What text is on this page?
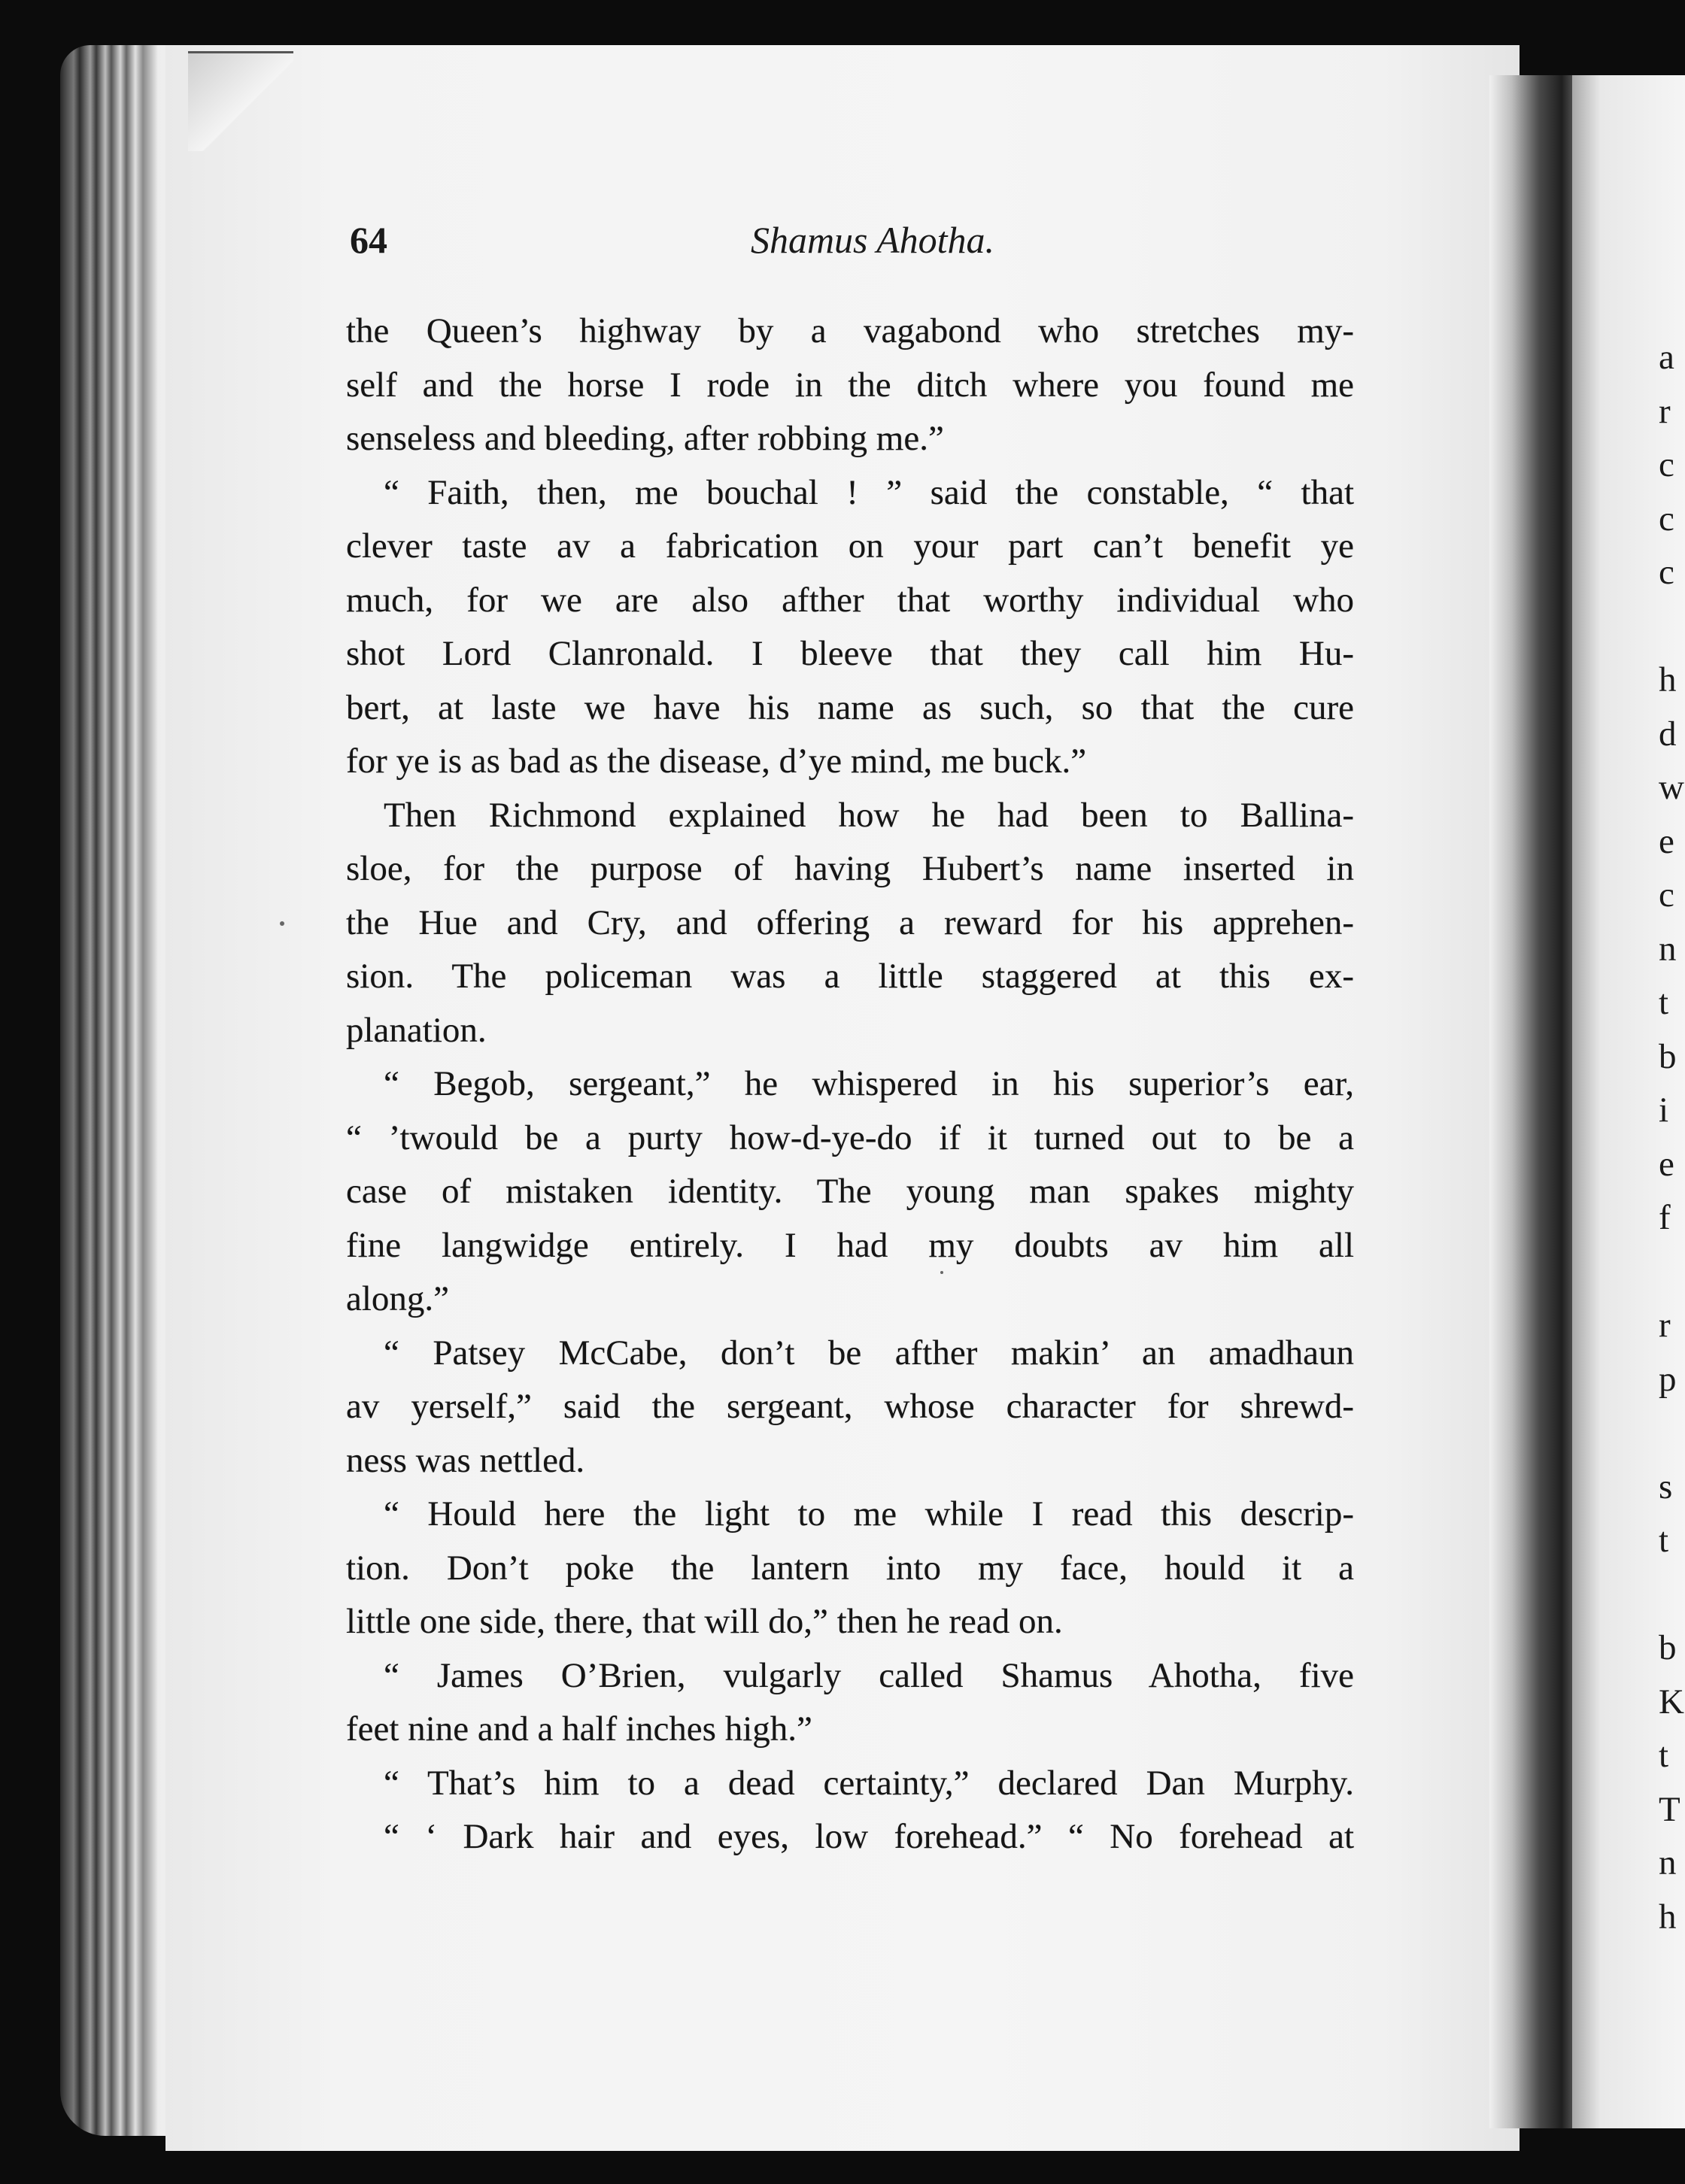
64	Shamus Ahotha.
the Queen’s highway by a vagabond who stretches my-
self and the horse I rode in the ditch where you found me
senseless and bleeding, after robbing me.”
“ Faith, then, me bouchal ! ” said the constable, “ that
clever taste av a fabrication on your part can’t benefit ye
much, for we are also afther that worthy individual who
shot Lord Clanronald. I bleeve that they call him Hu-
bert, at laste we have his name as such, so that the cure
for ye is as bad as the disease, d’ye mind, me buck.”
Then Richmond explained how he had been to Ballina-
sloe, for the purpose of having Hubert’s name inserted in
the Hue and Cry, and offering a reward for his apprehen-
sion. The policeman was a little staggered at this ex-
planation.
“ Begob, sergeant,” he whispered in his superior’s ear,
“ ’twould be a purty how-d-ye-do if it turned out to be a
case of mistaken identity. The young man spakes mighty
fine langwidge entirely. I had my doubts av him all
along.”
“ Patsey McCabe, don’t be afther makin’ an amadhaun
av yerself,” said the sergeant, whose character for shrewd-
ness was nettled.
“ Hould here the light to me while I read this descrip-
tion. Don’t poke the lantern into my face, hould it a
little one side, there, that will do,” then he read on.
“ James O’Brien, vulgarly called Shamus Ahotha, five
feet nine and a half inches high.”
“ That’s him to a dead certainty,” declared Dan Murphy.
“ ‘ Dark hair and eyes, low forehead.” “ No forehead at
a
r
c
c
c
h
d
w
e
c
n
t
b
i
e
f
r
p
s
t
b
K
t
T
n
h
